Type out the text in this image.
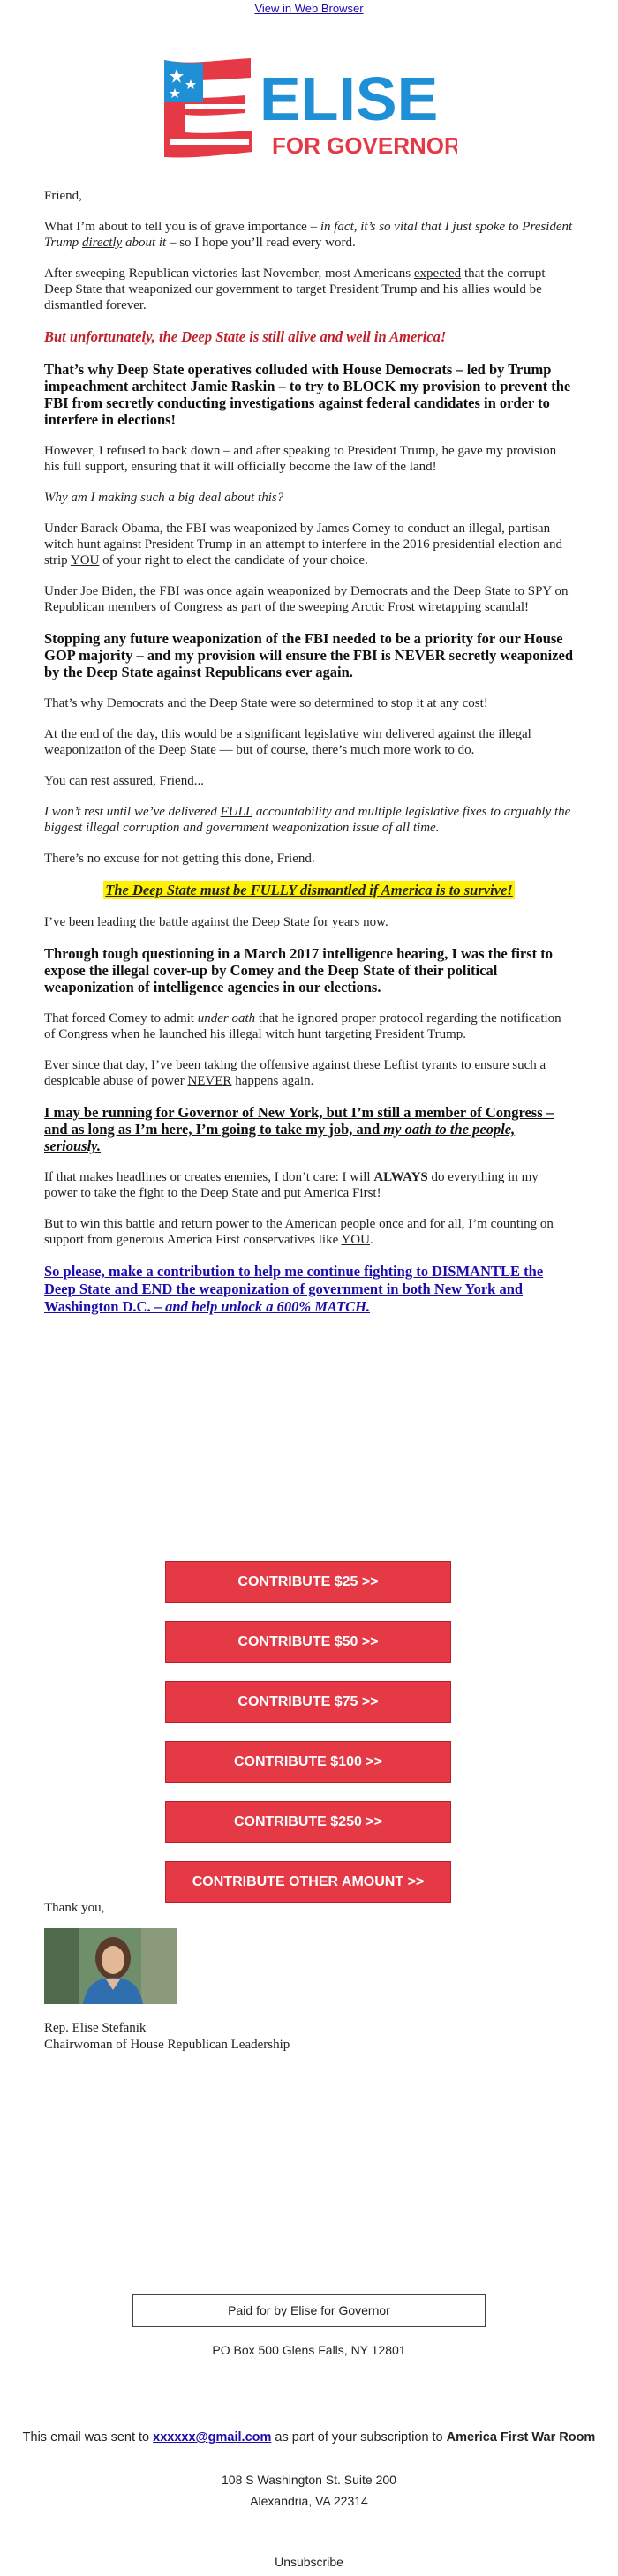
View in Web Browser
ELISE
FOR GOVERNOR

Friend,

What I’m about to tell you is of grave importance – in fact, it’s so vital that I just spoke to President Trump directly about it – so I hope you’ll read every word.

After sweeping Republican victories last November, most Americans expected that the corrupt Deep State that weaponized our government to target President Trump and his allies would be dismantled forever.

But unfortunately, the Deep State is still alive and well in America!

That’s why Deep State operatives colluded with House Democrats – led by Trump impeachment architect Jamie Raskin – to try to BLOCK my provision to prevent the FBI from secretly conducting investigations against federal candidates in order to interfere in elections!

However, I refused to back down – and after speaking to President Trump, he gave my provision his full support, ensuring that it will officially become the law of the land!

Why am I making such a big deal about this?

Under Barack Obama, the FBI was weaponized by James Comey to conduct an illegal, partisan witch hunt against President Trump in an attempt to interfere in the 2016 presidential election and strip YOU of your right to elect the candidate of your choice.

Under Joe Biden, the FBI was once again weaponized by Democrats and the Deep State to SPY on Republican members of Congress as part of the sweeping Arctic Frost wiretapping scandal!

Stopping any future weaponization of the FBI needed to be a priority for our House GOP majority – and my provision will ensure the FBI is NEVER secretly weaponized by the Deep State against Republicans ever again.

That’s why Democrats and the Deep State were so determined to stop it at any cost!

At the end of the day, this would be a significant legislative win delivered against the illegal weaponization of the Deep State — but of course, there’s much more work to do.

You can rest assured, Friend...

I won’t rest until we’ve delivered FULL accountability and multiple legislative fixes to arguably the biggest illegal corruption and government weaponization issue of all time.

There’s no excuse for not getting this done, Friend.

The Deep State must be FULLY dismantled if America is to survive!

I’ve been leading the battle against the Deep State for years now.

Through tough questioning in a March 2017 intelligence hearing, I was the first to expose the illegal cover-up by Comey and the Deep State of their political weaponization of intelligence agencies in our elections.

That forced Comey to admit under oath that he ignored proper protocol regarding the notification of Congress when he launched his illegal witch hunt targeting President Trump.

Ever since that day, I’ve been taking the offensive against these Leftist tyrants to ensure such a despicable abuse of power NEVER happens again.

I may be running for Governor of New York, but I’m still a member of Congress – and as long as I’m here, I’m going to take my job, and my oath to the people, seriously.

If that makes headlines or creates enemies, I don’t care: I will ALWAYS do everything in my power to take the fight to the Deep State and put America First!

But to win this battle and return power to the American people once and for all, I’m counting on support from generous America First conservatives like YOU.

So please, make a contribution to help me continue fighting to DISMANTLE the Deep State and END the weaponization of government in both New York and Washington D.C. – and help unlock a 600% MATCH.

CONTRIBUTE $25 >>
CONTRIBUTE $50 >>
CONTRIBUTE $75 >>
CONTRIBUTE $100 >>
CONTRIBUTE $250 >>
CONTRIBUTE OTHER AMOUNT >>
Thank you,
Rep. Elise Stefanik
Chairwoman of House Republican Leadership
Paid for by Elise for Governor
PO Box 500 Glens Falls, NY 12801
This email was sent to xxxxxx@gmail.com as part of your subscription to America First War Room
108 S Washington St. Suite 200
Alexandria, VA 22314
Unsubscribe
